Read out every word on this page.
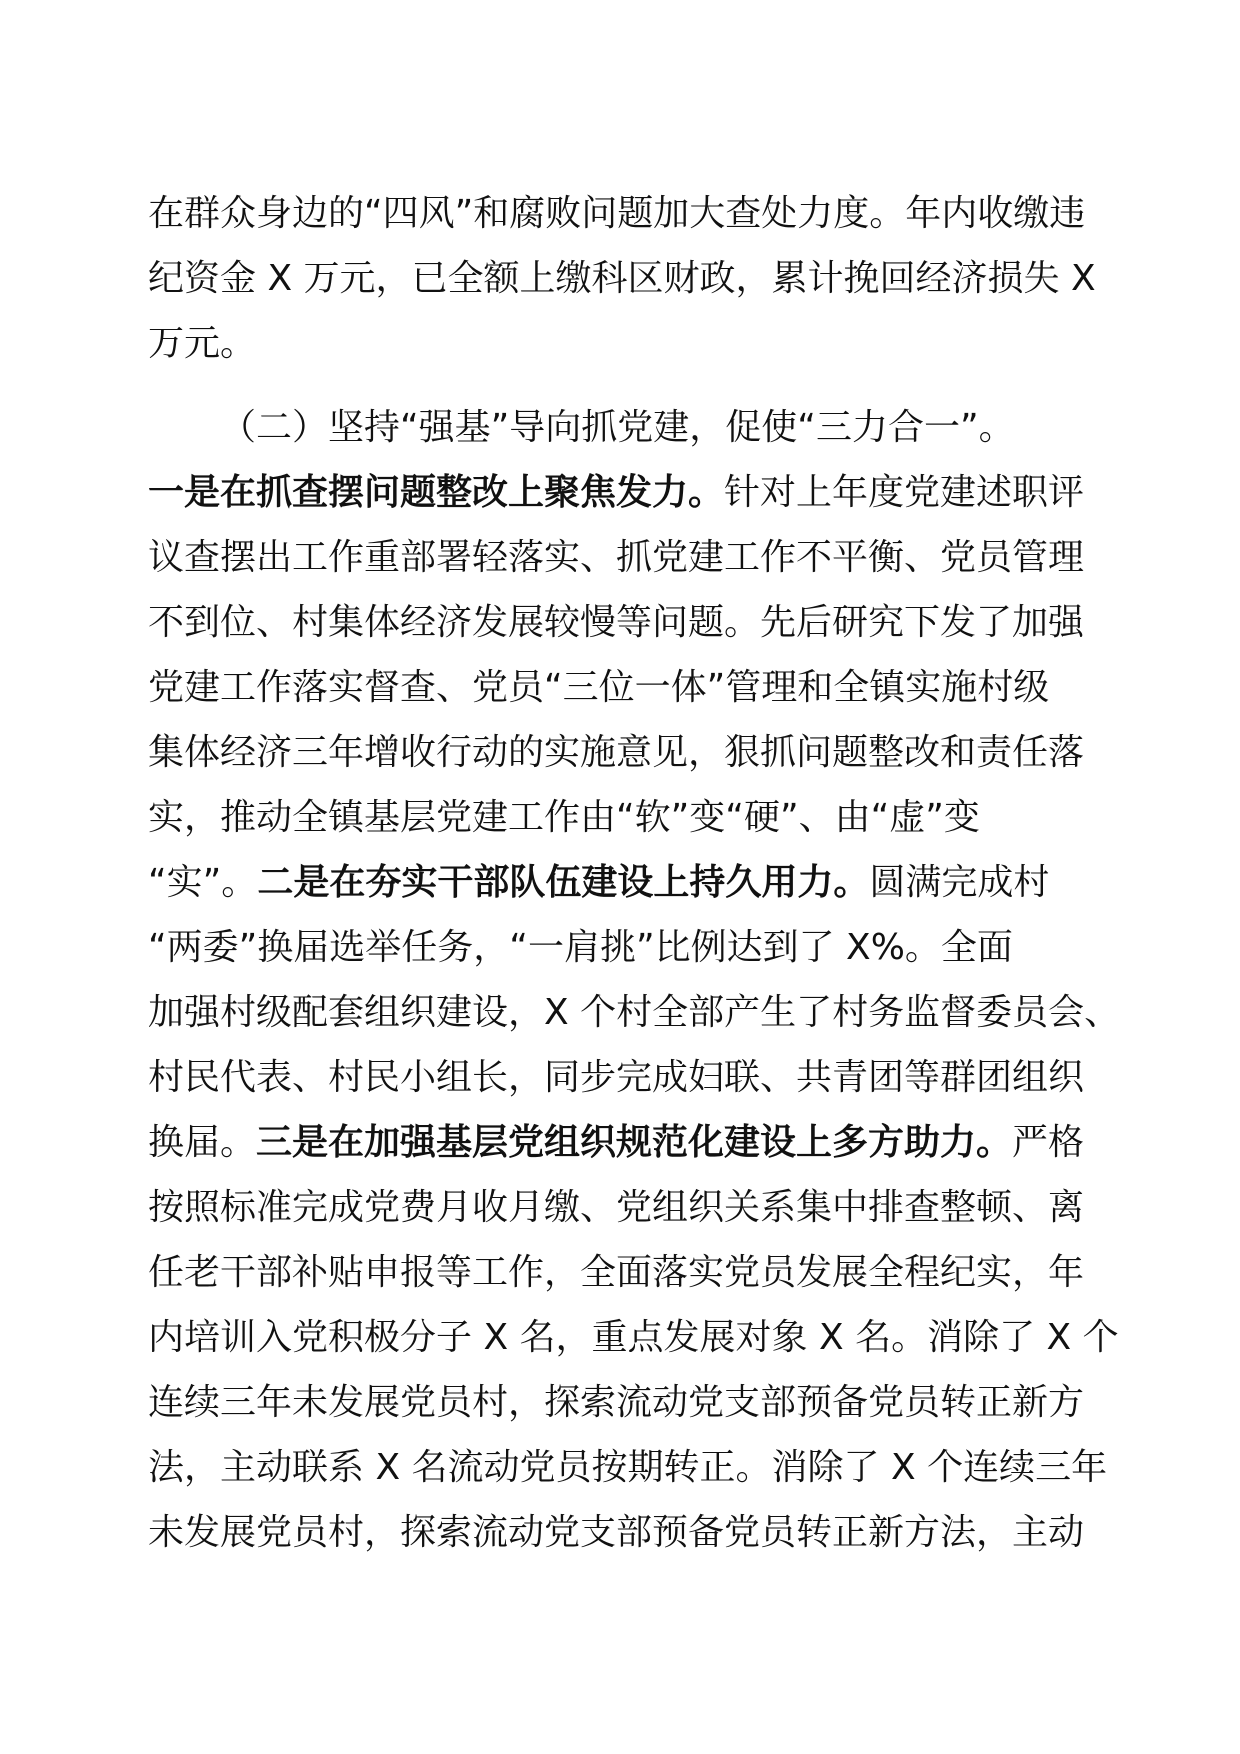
在群众身边的“四风”和腐败问题加大查处力度。年内收缴违
纪资金 X 万元，已全额上缴科区财政，累计挽回经济损失 X
万元。
（二）坚持“强基”导向抓党建，促使“三力合一”。
一是在抓查摆问题整改上聚焦发力。针对上年度党建述职评
议查摆出工作重部署轻落实、抓党建工作不平衡、党员管理
不到位、村集体经济发展较慢等问题。先后研究下发了加强
党建工作落实督查、党员“三位一体”管理和全镇实施村级
集体经济三年增收行动的实施意见，狠抓问题整改和责任落
实，推动全镇基层党建工作由“软”变“硬”、由“虚”变
“实”。二是在夯实干部队伍建设上持久用力。圆满完成村
“两委”换届选举任务，“一肩挑”比例达到了 X%。全面
加强村级配套组织建设，X 个村全部产生了村务监督委员会、
村民代表、村民小组长，同步完成妇联、共青团等群团组织
换届。三是在加强基层党组织规范化建设上多方助力。严格
按照标准完成党费月收月缴、党组织关系集中排查整顿、离
任老干部补贴申报等工作，全面落实党员发展全程纪实，年
内培训入党积极分子 X 名，重点发展对象 X 名。消除了 X 个
连续三年未发展党员村，探索流动党支部预备党员转正新方
法，主动联系 X 名流动党员按期转正。消除了 X 个连续三年
未发展党员村，探索流动党支部预备党员转正新方法，主动
